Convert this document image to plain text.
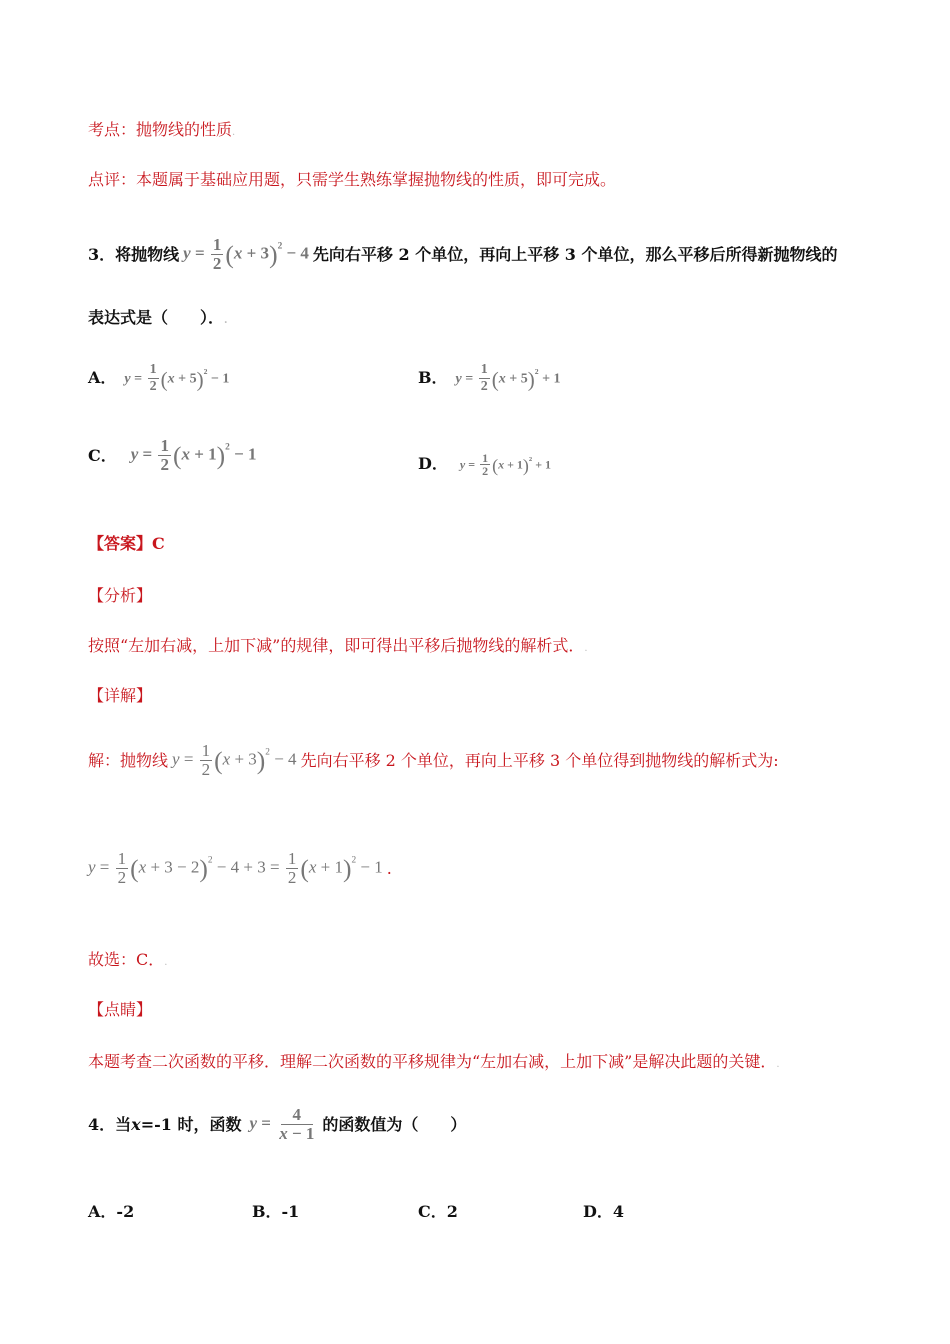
考点：抛物线的性质.
点评：本题属于基础应用题，只需学生熟练掌握抛物线的性质，即可完成。
3．将抛物线 $y = \frac{1}{2} (x + 3)^2 - 4$ 先向右平移 2 个单位，再向上平移 3 个单位，那么平移后所得新抛物线的
表达式是（　　）．.
A． $y = \frac{1}{2} (x + 5)^2 - 1$	B． $y = \frac{1}{2} (x + 5)^2 + 1$
C． $y = \frac{1}{2} (x + 1)^2 - 1$	D． $y = \frac{1}{2} (x + 1)^2 + 1$
【答案】C
【分析】
按照“左加右减，上加下减”的规律，即可得出平移后抛物线的解析式．.
【详解】
解：抛物线 $y = \frac{1}{2} (x + 3)^2 - 4$ 先向右平移 2 个单位，再向上平移 3 个单位得到抛物线的解析式为:
$y = \frac{1}{2} (x + 3 - 2)^2 - 4 + 3 = \frac{1}{2} (x + 1)^2 - 1$ .
故选：C．.
【点睛】
本题考查二次函数的平移．理解二次函数的平移规律为“左加右减，上加下减”是解决此题的关键．.
4．当 x =-1 时，函数 $y = \frac{4}{x - 1}$ 的函数值为（　　）
A．-2	B．-1	C．2	D．4
